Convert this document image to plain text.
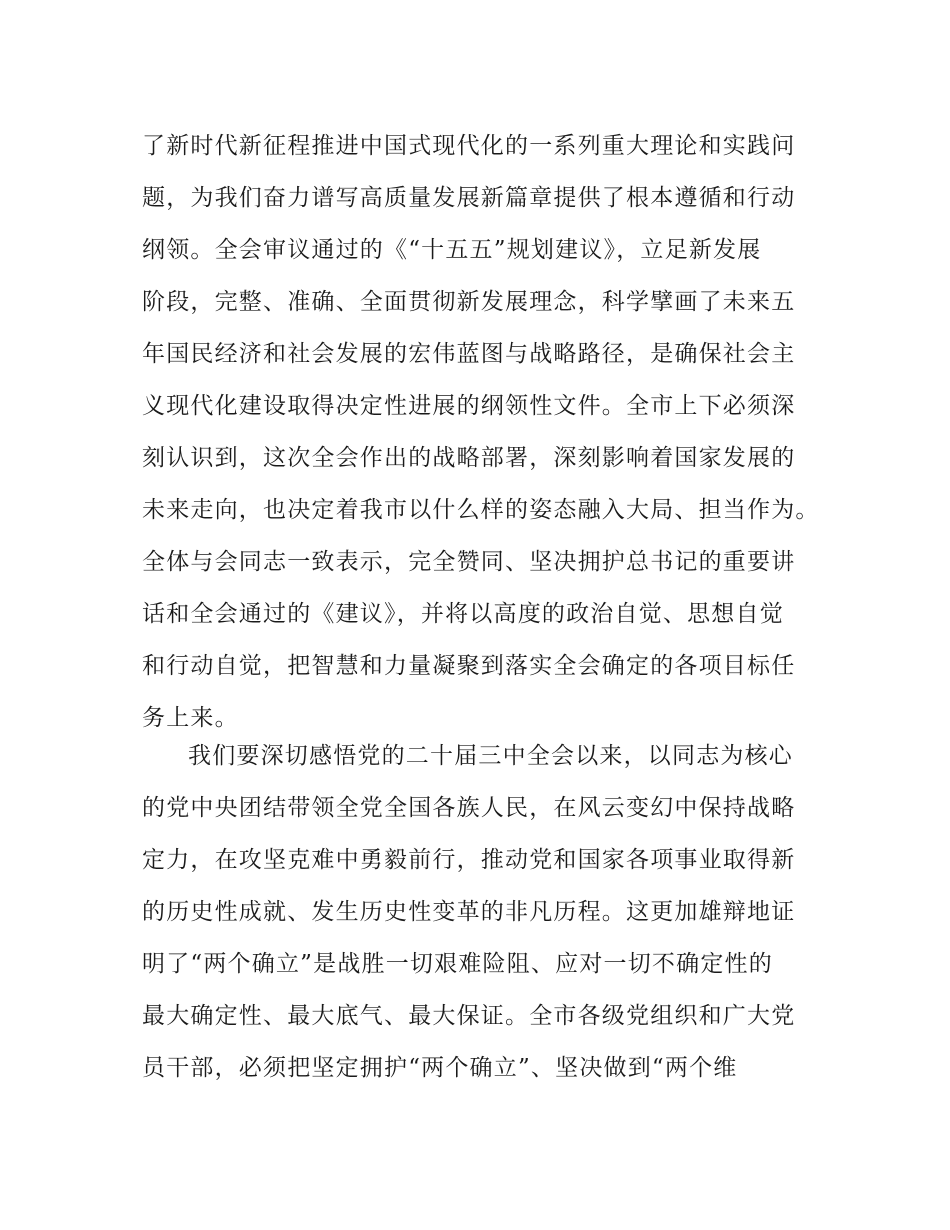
了新时代新征程推进中国式现代化的一系列重大理论和实践问
题，为我们奋力谱写高质量发展新篇章提供了根本遵循和行动
纲领。全会审议通过的《“十五五”规划建议》，立足新发展
阶段，完整、准确、全面贯彻新发展理念，科学擘画了未来五
年国民经济和社会发展的宏伟蓝图与战略路径，是确保社会主
义现代化建设取得决定性进展的纲领性文件。全市上下必须深
刻认识到，这次全会作出的战略部署，深刻影响着国家发展的
未来走向，也决定着我市以什么样的姿态融入大局、担当作为。
全体与会同志一致表示，完全赞同、坚决拥护总书记的重要讲
话和全会通过的《建议》，并将以高度的政治自觉、思想自觉
和行动自觉，把智慧和力量凝聚到落实全会确定的各项目标任
务上来。
我们要深切感悟党的二十届三中全会以来，以同志为核心
的党中央团结带领全党全国各族人民，在风云变幻中保持战略
定力，在攻坚克难中勇毅前行，推动党和国家各项事业取得新
的历史性成就、发生历史性变革的非凡历程。这更加雄辩地证
明了“两个确立”是战胜一切艰难险阻、应对一切不确定性的
最大确定性、最大底气、最大保证。全市各级党组织和广大党
员干部，必须把坚定拥护“两个确立”、坚决做到“两个维
